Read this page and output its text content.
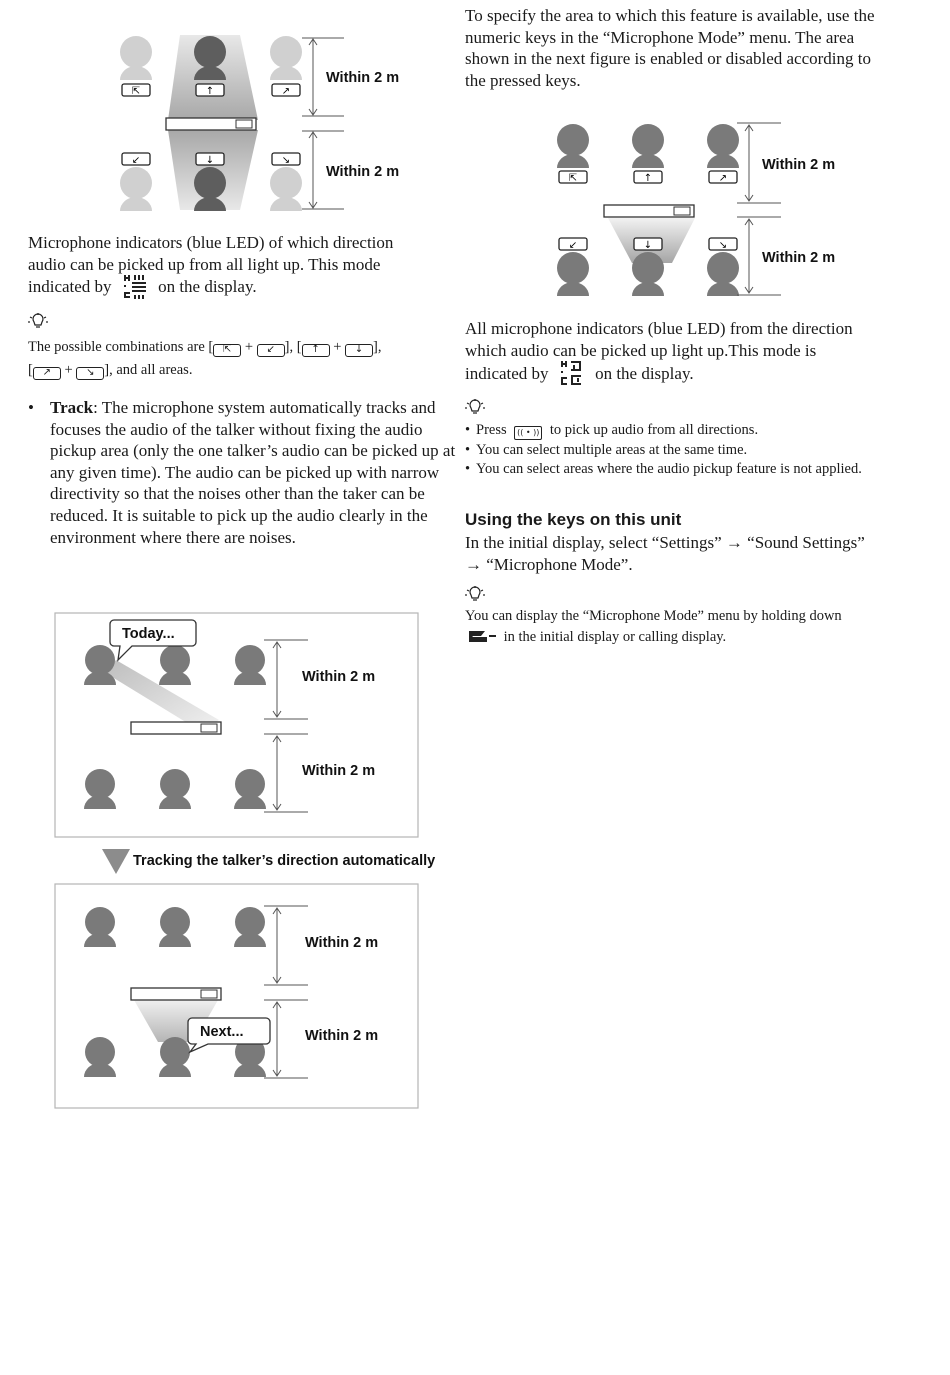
⇱	↑	↗
↙	↓	↘
Within 2 m
Within 2 m
Microphone indicators (blue LED) of which direction
audio can be picked up from all light up. This mode
indicated by	on the display.
The possible combinations are [ ⇱ + ↙ ], [ ↑ + ↓ ],
[ ↗ + ↘ ], and all areas.
• Track: The microphone system automatically tracks and focuses the audio of the talker without fixing the audio pickup area (only the one talker’s audio can be picked up at any given time). The audio can be picked up with narrow directivity so that the noises other than the taker can be reduced. It is suitable to pick up the audio clearly in the environment where there are noises.
Today...
Within 2 m
Within 2 m
Tracking the talker’s direction automatically
Next...
Within 2 m
Within 2 m
To specify the area to which this feature is available, use the numeric keys in the “Microphone Mode” menu. The area shown in the next figure is enabled or disabled according to the pressed keys.
⇱	↑	↗
↙	↓	↘
Within 2 m
Within 2 m
All microphone indicators (blue LED) from the direction
which audio can be picked up light up.This mode is
indicated by	on the display.
• Press (( • )) to pick up audio from all directions.
• You can select multiple areas at the same time.
• You can select areas where the audio pickup feature is not applied.
Using the keys on this unit
In the initial display, select “Settings” → “Sound Settings”
→ “Microphone Mode”.
You can display the “Microphone Mode” menu by holding down
in the initial display or calling display.
